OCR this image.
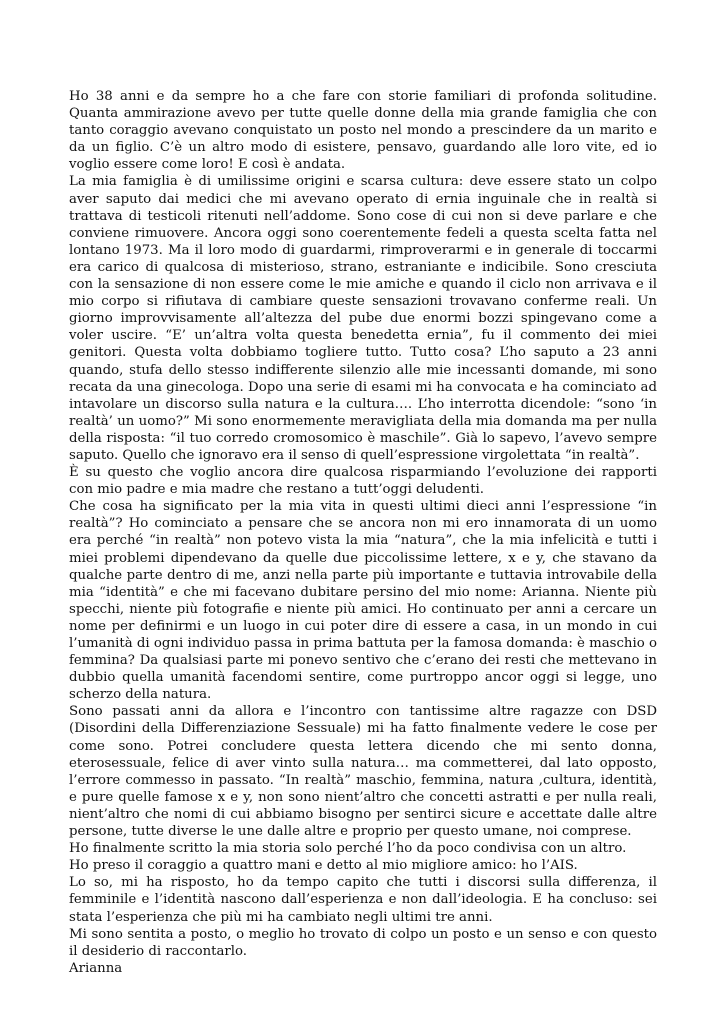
Ho 38 anni e da sempre ho a che fare con storie familiari di profonda solitudine. Quanta ammirazione avevo per tutte quelle donne della mia grande famiglia che con tanto coraggio avevano conquistato un posto nel mondo a prescindere da un marito e da un figlio. C’è un altro modo di esistere, pensavo, guardando alle loro vite, ed io voglio essere come loro! E così è andata.

La mia famiglia è di umilissime origini e scarsa cultura: deve essere stato un colpo aver saputo dai medici che mi avevano operato di ernia inguinale che in realtà si trattava di testicoli ritenuti nell’addome. Sono cose di cui non si deve parlare e che conviene rimuovere. Ancora oggi sono coerentemente fedeli a questa scelta fatta nel lontano 1973. Ma il loro modo di guardarmi, rimproverarmi e in generale di toccarmi era carico di qualcosa di misterioso, strano, estraniante e indicibile. Sono cresciuta con la sensazione di non essere come le mie amiche e quando il ciclo non arrivava e il mio corpo si rifiutava di cambiare queste sensazioni trovavano conferme reali. Un giorno improvvisamente all’altezza del pube due enormi bozzi spingevano come a voler uscire. “E’ un’altra volta questa benedetta ernia”, fu il commento dei miei genitori. Questa volta dobbiamo togliere tutto. Tutto cosa? L’ho saputo a 23 anni quando, stufa dello stesso indifferente silenzio alle mie incessanti domande, mi sono recata da una ginecologa. Dopo una serie di esami mi ha convocata e ha cominciato ad intavolare un discorso sulla natura e la cultura…. L’ho interrotta dicendole: “sono ‘in realtà’ un uomo?” Mi sono enormemente meravigliata della mia domanda ma per nulla della risposta: “il tuo corredo cromosomico è maschile”. Già lo sapevo, l’avevo sempre saputo. Quello che ignoravo era il senso di quell’espressione virgolettata “in realtà”.

È su questo che voglio ancora dire qualcosa risparmiando l’evoluzione dei rapporti con mio padre e mia madre che restano a tutt’oggi deludenti.

Che cosa ha significato per la mia vita in questi ultimi dieci anni l’espressione “in realtà”? Ho cominciato a pensare che se ancora non mi ero innamorata di un uomo era perché “in realtà” non potevo vista la mia “natura”, che la mia infelicità e tutti i miei problemi dipendevano da quelle due piccolissime lettere, x e y, che stavano da qualche parte dentro di me, anzi nella parte più importante e tuttavia introvabile della mia “identità” e che mi facevano dubitare persino del mio nome: Arianna. Niente più specchi, niente più fotografie e niente più amici. Ho continuato per anni a cercare un nome per definirmi e un luogo in cui poter dire di essere a casa, in un mondo in cui l’umanità di ogni individuo passa in prima battuta per la famosa domanda: è maschio o femmina? Da qualsiasi parte mi ponevo sentivo che c’erano dei resti che mettevano in dubbio quella umanità facendomi sentire, come purtroppo ancor oggi si legge, uno scherzo della natura.

Sono passati anni da allora e l’incontro con tantissime altre ragazze con DSD (Disordini della Differenziazione Sessuale) mi ha fatto finalmente vedere le cose per come sono. Potrei concludere questa lettera dicendo che mi sento donna, eterosessuale, felice di aver vinto sulla natura… ma commetterei, dal lato opposto, l’errore commesso in passato. “In realtà” maschio, femmina, natura ,cultura, identità, e pure quelle famose x e y, non sono nient’altro che concetti astratti e per nulla reali, nient’altro che nomi di cui abbiamo bisogno per sentirci sicure e accettate dalle altre persone, tutte diverse le une dalle altre e proprio per questo umane, noi comprese.

Ho finalmente scritto la mia storia solo perché l’ho da poco condivisa con un altro.

Ho preso il coraggio a quattro mani e detto al mio migliore amico: ho l’AIS.

Lo so, mi ha risposto, ho da tempo capito che tutti i discorsi sulla differenza, il femminile e l’identità nascono dall’esperienza e non dall’ideologia. E ha concluso: sei stata l’esperienza che più mi ha cambiato negli ultimi tre anni.

Mi sono sentita a posto, o meglio ho trovato di colpo un posto e un senso e con questo il desiderio di raccontarlo.

Arianna
